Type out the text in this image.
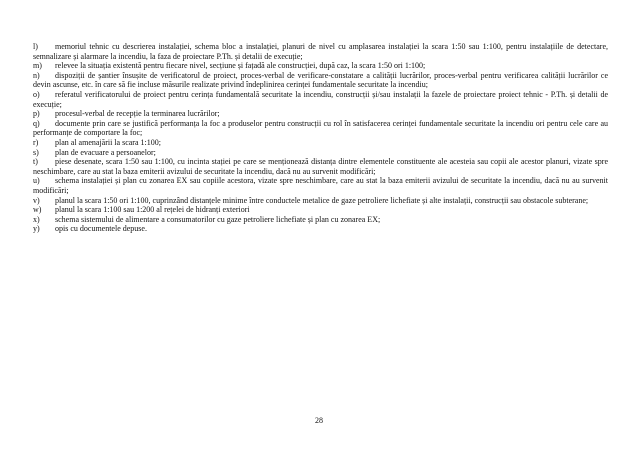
l) memoriul tehnic cu descrierea instalației, schema bloc a instalației, planuri de nivel cu amplasarea instalației la scara 1:50 sau 1:100, pentru instalațiile de detectare, semnalizare și alarmare la incendiu, la faza de proiectare P.Th. și detalii de execuție;

m) relevee la situația existentă pentru fiecare nivel, secțiune și fațadă ale construcției, după caz, la scara 1:50 ori 1:100;

n) dispoziții de șantier însușite de verificatorul de proiect, proces-verbal de verificare-constatare a calității lucrărilor, proces-verbal pentru verificarea calității lucrărilor ce devin ascunse, etc. în care să fie incluse măsurile realizate privind îndeplinirea cerinței fundamentale securitate la incendiu;

o) referatul verificatorului de proiect pentru cerința fundamentală securitate la incendiu, construcții și/sau instalații la fazele de proiectare proiect tehnic - P.Th. și detalii de execuție;

p) procesul-verbal de recepție la terminarea lucrărilor;

q) documente prin care se justifică performanța la foc a produselor pentru construcții cu rol în satisfacerea cerinței fundamentale securitate la incendiu ori pentru cele care au performanțe de comportare la foc;

r) plan al amenajării la scara 1:100;

s) plan de evacuare a persoanelor;

t) piese desenate, scara 1:50 sau 1:100, cu incinta stației pe care se menționează distanța dintre elementele constituente ale acesteia sau copii ale acestor planuri, vizate spre neschimbare, care au stat la baza emiterii avizului de securitate la incendiu, dacă nu au survenit modificări;

u) schema instalației și plan cu zonarea EX sau copiile acestora, vizate spre neschimbare, care au stat la baza emiterii avizului de securitate la incendiu, dacă nu au survenit modificări;

v) planul la scara 1:50 ori 1:100, cuprinzând distanțele minime între conductele metalice de gaze petroliere lichefiate și alte instalații, construcții sau obstacole subterane;

w) planul la scara 1:100 sau 1:200 al rețelei de hidranți exteriori

x) schema sistemului de alimentare a consumatorilor cu gaze petroliere lichefiate și plan cu zonarea EX;

y) opis cu documentele depuse.

28
